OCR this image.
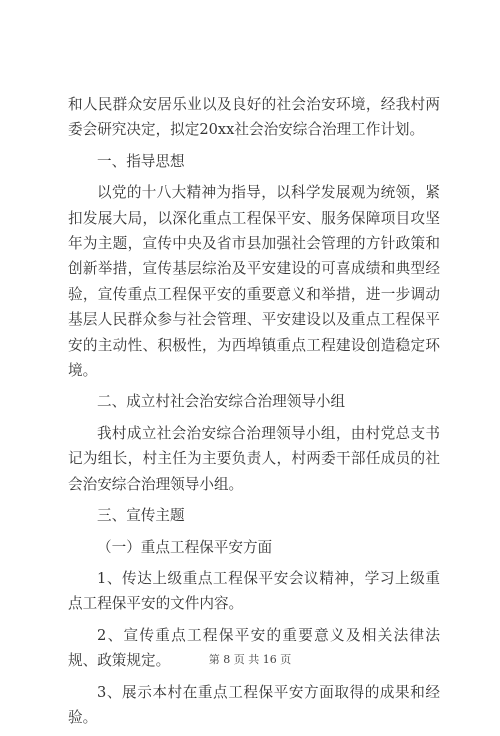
和人民群众安居乐业以及良好的社会治安环境，经我村两委会研究决定，拟定20xx社会治安综合治理工作计划。

一、指导思想

以党的十八大精神为指导，以科学发展观为统领，紧扣发展大局，以深化重点工程保平安、服务保障项目攻坚年为主题，宣传中央及省市县加强社会管理的方针政策和创新举措，宣传基层综治及平安建设的可喜成绩和典型经验，宣传重点工程保平安的重要意义和举措，进一步调动基层人民群众参与社会管理、平安建设以及重点工程保平安的主动性、积极性，为西埠镇重点工程建设创造稳定环境。

二、成立村社会治安综合治理领导小组

我村成立社会治安综合治理领导小组，由村党总支书记为组长，村主任为主要负责人，村两委干部任成员的社会治安综合治理领导小组。

三、宣传主题

（一）重点工程保平安方面

1、传达上级重点工程保平安会议精神，学习上级重点工程保平安的文件内容。

2、宣传重点工程保平安的重要意义及相关法律法规、政策规定。

3、展示本村在重点工程保平安方面取得的成果和经验。

第 8 页 共 16 页
